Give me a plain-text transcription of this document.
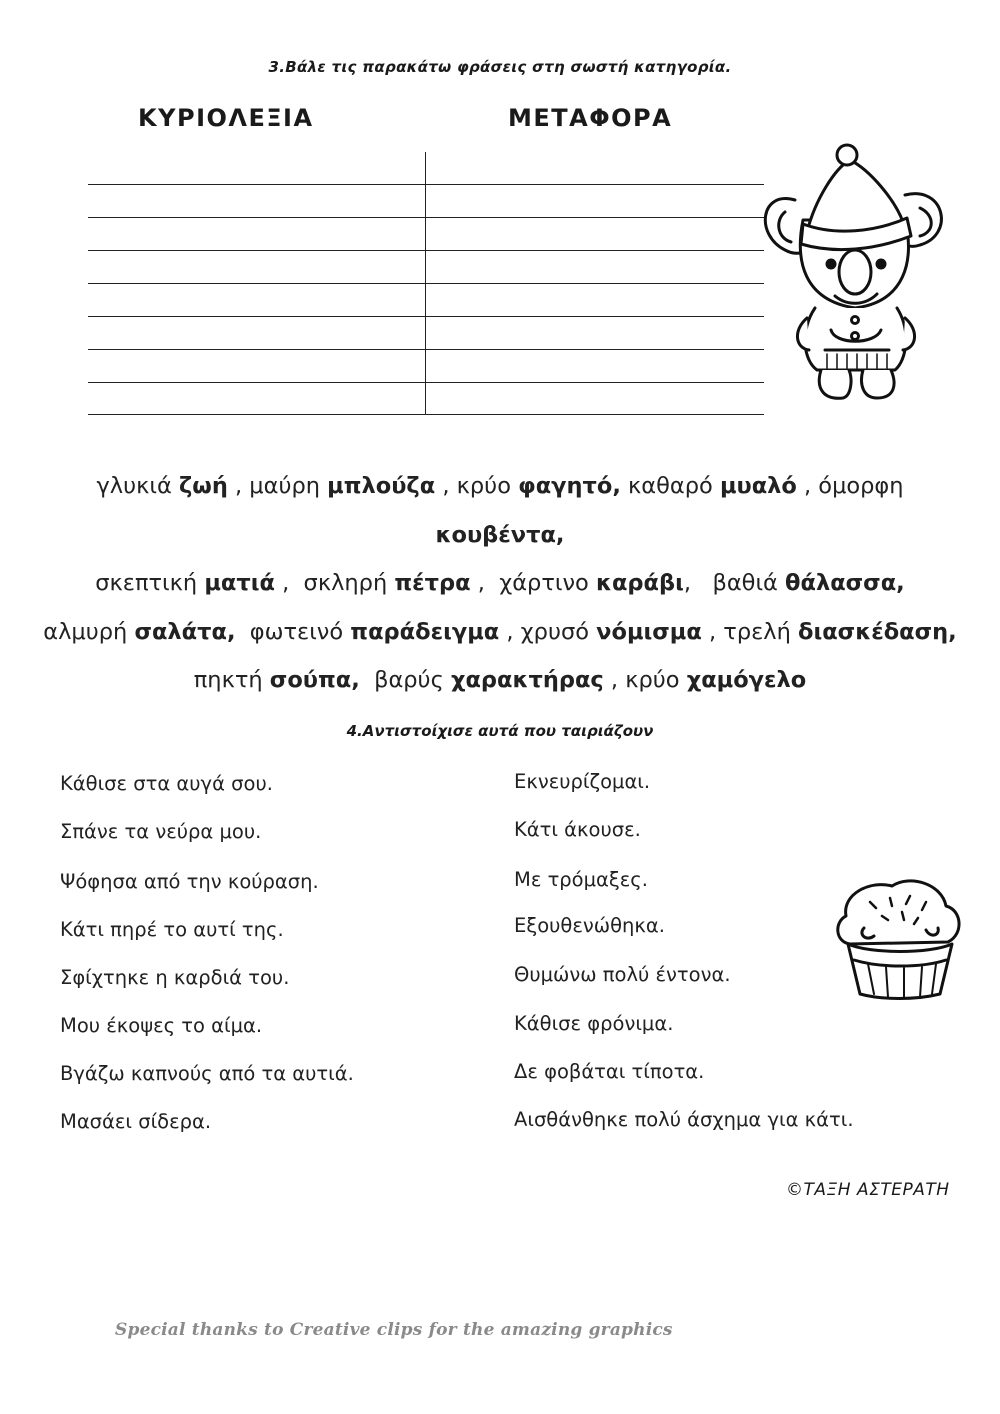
3.Βάλε τις παρακάτω φράσεις στη σωστή κατηγορία.
ΚΥΡΙΟΛΕΞΙΑ	ΜΕΤΑΦΟΡΑ
γλυκιά ζωή , μαύρη μπλούζα , κρύο φαγητό, καθαρό μυαλό , όμορφη κουβέντα,
σκεπτική ματιά ,  σκληρή πέτρα ,  χάρτινο καράβι,   βαθιά θάλασσα,
αλμυρή σαλάτα,  φωτεινό παράδειγμα , χρυσό νόμισμα , τρελή διασκέδαση,
πηκτή σούπα,  βαρύς χαρακτήρας , κρύο χαμόγελο
4.Αντιστοίχισε αυτά που ταιριάζουν
Κάθισε στα αυγά σου.
Σπάνε τα νεύρα μου.
Ψόφησα από την κούραση.
Κάτι πηρέ το αυτί της.
Σφίχτηκε η καρδιά του.
Μου έκοψες το αίμα.
Βγάζω καπνούς από τα αυτιά.
Μασάει σίδερα.
Εκνευρίζομαι.
Κάτι άκουσε.
Με τρόμαξες.
Εξουθενώθηκα.
Θυμώνω πολύ έντονα.
Κάθισε φρόνιμα.
Δε φοβάται τίποτα.
Αισθάνθηκε πολύ άσχημα για κάτι.
©ΤΑΞΗ ΑΣΤΕΡΑΤΗ
Special thanks to Creative clips for the amazing graphics
